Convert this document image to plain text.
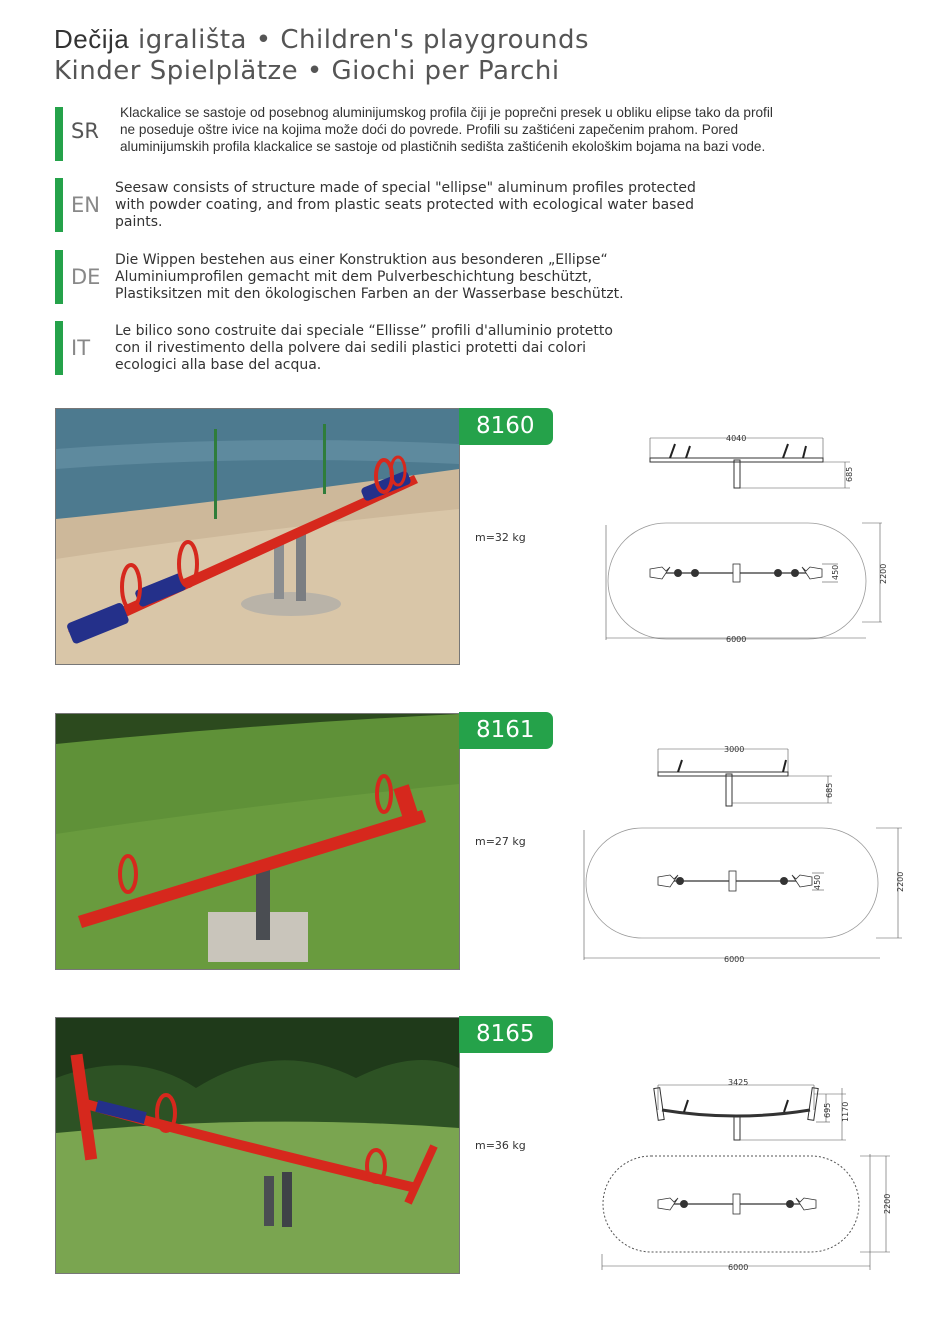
Dečija igrališta • Children's playgrounds
Kinder Spielplätze • Giochi per Parchi
SR

Klackalice se sastoje od posebnog aluminijumskog profila čiji je poprečni presek u obliku elipse tako da profil ne poseduje oštre ivice na kojima može doći do povrede. Profili su zaštićeni zapečenim prahom. Pored aluminijumskih profila klackalice se sastoje od plastičnih sedišta zaštićenih ekološkim bojama na bazi vode.

EN

Seesaw consists of structure made of special "ellipse" aluminum profiles protected with powder coating, and from plastic seats protected with ecological water based paints.

DE

Die Wippen bestehen aus einer Konstruktion aus besonderen „Ellipse“ Aluminiumprofilen gemacht mit dem Pulverbeschichtung beschützt, Plastiksitzen mit den ökologischen Farben an der Wasserbase beschützt.

IT

Le bilico sono costruite dai speciale “Ellisse” profili d'alluminio protetto con il rivestimento della polvere dai sedili plastici protetti dai colori ecologici alla base del acqua.

8160
m=32 kg
4040
685
6000
2200
450
8161
m=27 kg
3000
685
6000
2200
450
8165
m=36 kg
3425
695 1170
6000
2200
